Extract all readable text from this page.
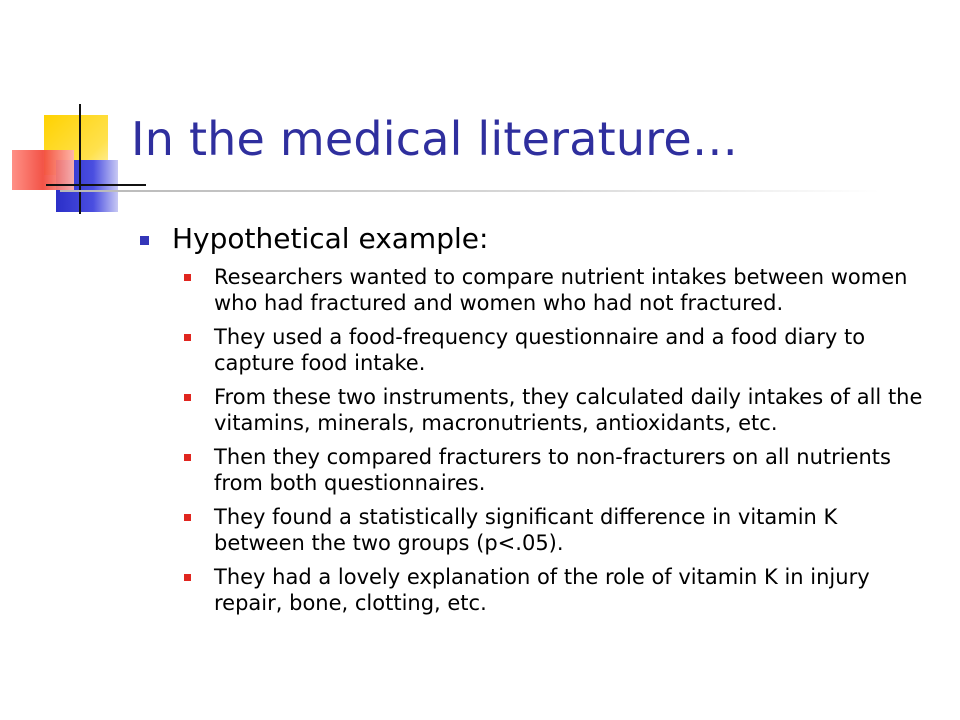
In the medical literature…
Hypothetical example:
Researchers wanted to compare nutrient intakes between women who had fractured and women who had not fractured.
They used a food-frequency questionnaire and a food diary to capture food intake.
From these two instruments, they calculated daily intakes of all the vitamins, minerals, macronutrients, antioxidants, etc.
Then they compared fracturers to non-fracturers on all nutrients from both questionnaires.
They found a statistically significant difference in vitamin K between the two groups (p<.05).
They had a lovely explanation of the role of vitamin K in injury repair, bone, clotting, etc.
